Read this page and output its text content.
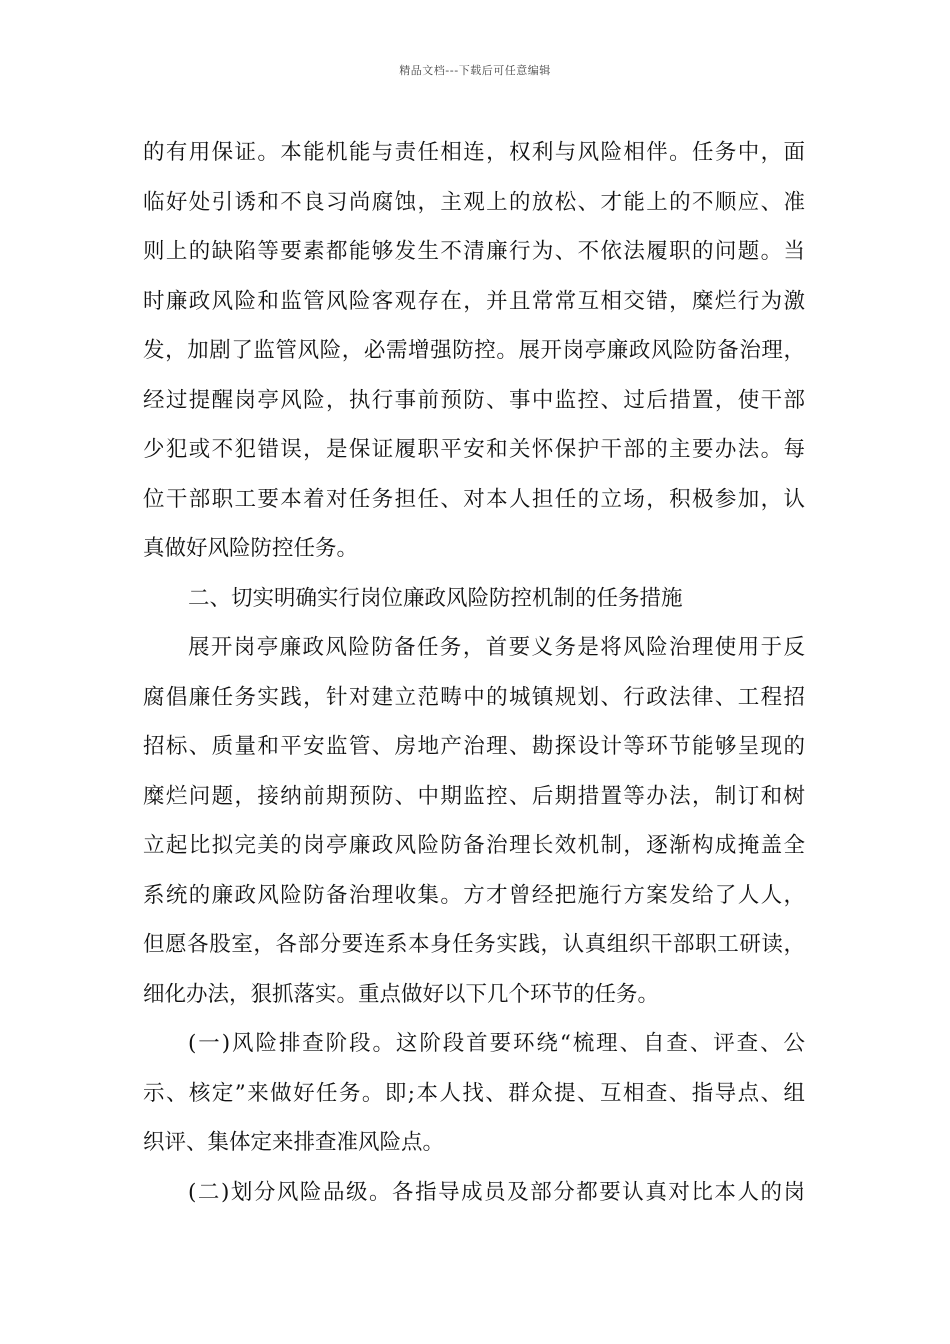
精品文档---下载后可任意编辑
的有用保证。本能机能与责任相连，权利与风险相伴。任务中，面
临好处引诱和不良习尚腐蚀，主观上的放松、才能上的不顺应、准
则上的缺陷等要素都能够发生不清廉行为、不依法履职的问题。当
时廉政风险和监管风险客观存在，并且常常互相交错，糜烂行为激
发，加剧了监管风险，必需增强防控。展开岗亭廉政风险防备治理，
经过提醒岗亭风险，执行事前预防、事中监控、过后措置，使干部
少犯或不犯错误，是保证履职平安和关怀保护干部的主要办法。每
位干部职工要本着对任务担任、对本人担任的立场，积极参加，认
真做好风险防控任务。
二、切实明确实行岗位廉政风险防控机制的任务措施
展开岗亭廉政风险防备任务，首要义务是将风险治理使用于反
腐倡廉任务实践，针对建立范畴中的城镇规划、行政法律、工程招
招标、质量和平安监管、房地产治理、勘探设计等环节能够呈现的
糜烂问题，接纳前期预防、中期监控、后期措置等办法，制订和树
立起比拟完美的岗亭廉政风险防备治理长效机制，逐渐构成掩盖全
系统的廉政风险防备治理收集。方才曾经把施行方案发给了人人，
但愿各股室，各部分要连系本身任务实践，认真组织干部职工研读，
细化办法，狠抓落实。重点做好以下几个环节的任务。
(一)风险排查阶段。这阶段首要环绕“梳理、自查、评查、公
示、核定”来做好任务。即;本人找、群众提、互相查、指导点、组
织评、集体定来排查准风险点。
(二)划分风险品级。各指导成员及部分都要认真对比本人的岗
